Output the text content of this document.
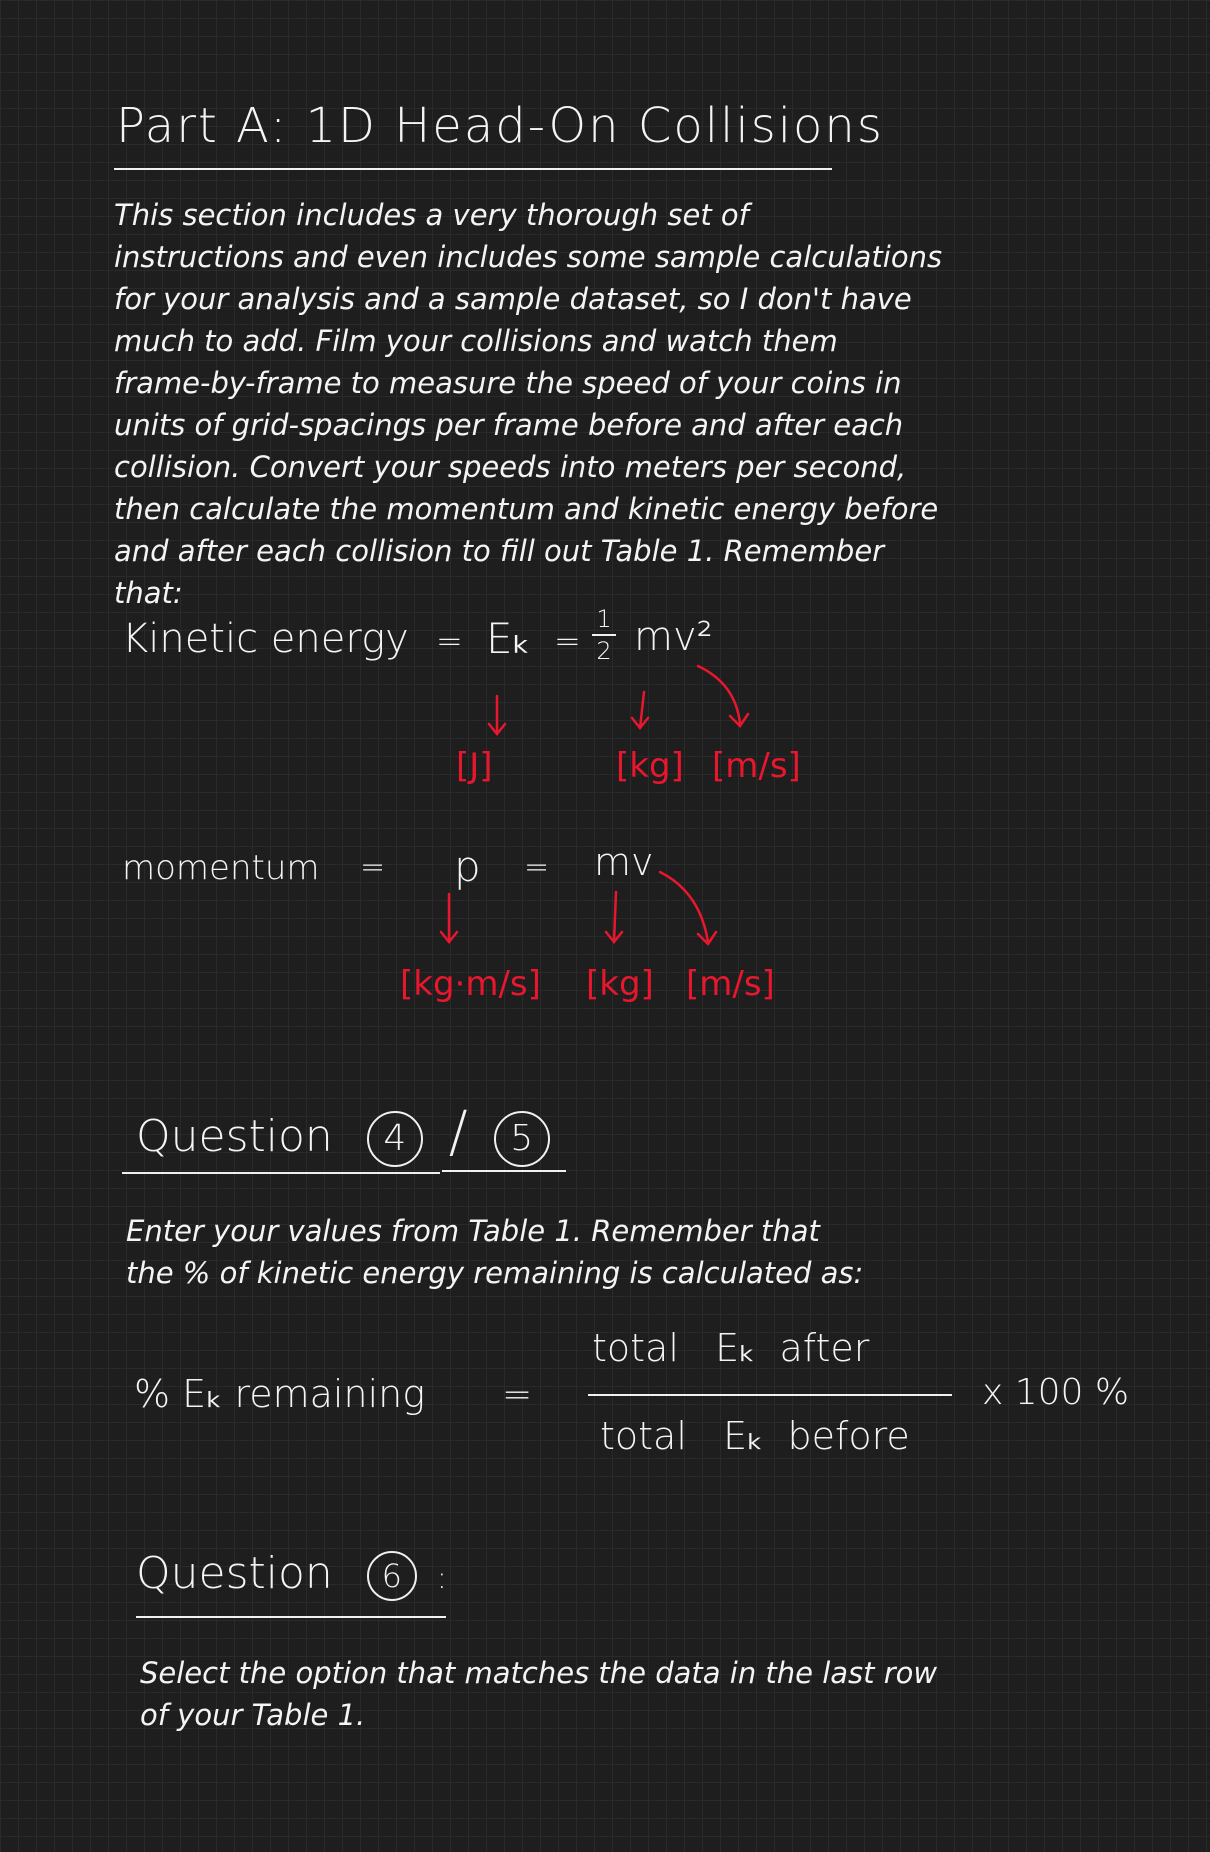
Part A: 1D Head-On Collisions
This section includes a very thorough set of
instructions and even includes some sample calculations
for your analysis and a sample dataset, so I don't have
much to add. Film your collisions and watch them
frame-by-frame to measure the speed of your coins in
units of grid-spacings per frame before and after each
collision. Convert your speeds into meters per second,
then calculate the momentum and kinetic energy before
and after each collision to fill out Table 1. Remember
that:
Kinetic energy = Eₖ =
1
2 mv²
[J]	[kg] [m/s]
momentum = p = mv
[kg·m/s] [kg] [m/s]
Question 4 / 5
Enter your values from Table 1. Remember that
the % of kinetic energy remaining is calculated as:
% Eₖ remaining =
total   Eₖ  after
total   Eₖ  before
x 100 %
Question 6 :
Select the option that matches the data in the last row
of your Table 1.
